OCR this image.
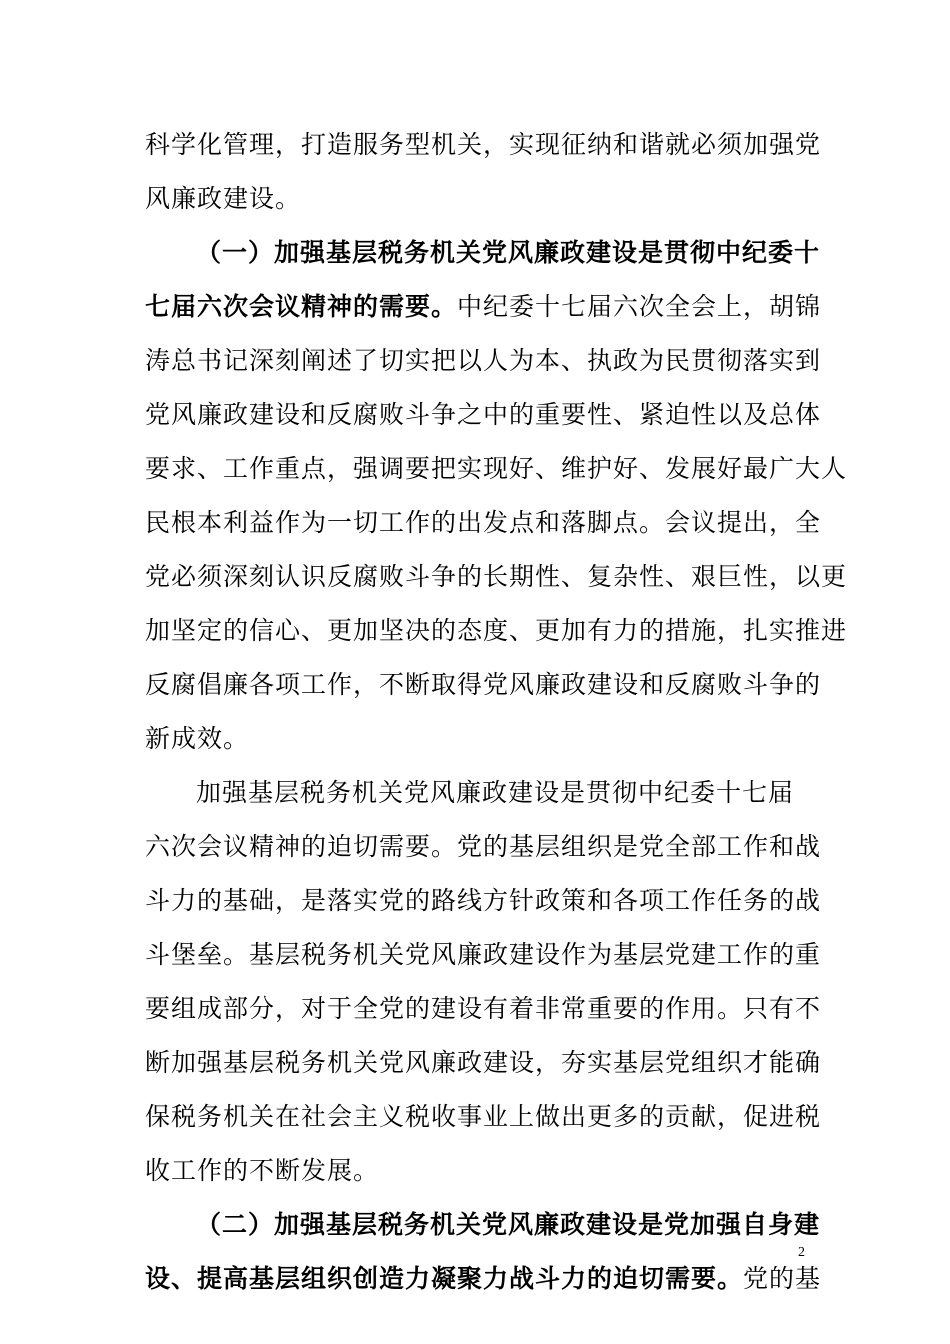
科学化管理，打造服务型机关，实现征纳和谐就必须加强党
风廉政建设。
（一）加强基层税务机关党风廉政建设是贯彻中纪委十
七届六次会议精神的需要。中纪委十七届六次全会上，胡锦
涛总书记深刻阐述了切实把以人为本、执政为民贯彻落实到
党风廉政建设和反腐败斗争之中的重要性、紧迫性以及总体
要求、工作重点，强调要把实现好、维护好、发展好最广大人
民根本利益作为一切工作的出发点和落脚点。会议提出，全
党必须深刻认识反腐败斗争的长期性、复杂性、艰巨性，以更
加坚定的信心、更加坚决的态度、更加有力的措施，扎实推进
反腐倡廉各项工作，不断取得党风廉政建设和反腐败斗争的
新成效。
加强基层税务机关党风廉政建设是贯彻中纪委十七届
六次会议精神的迫切需要。党的基层组织是党全部工作和战
斗力的基础，是落实党的路线方针政策和各项工作任务的战
斗堡垒。基层税务机关党风廉政建设作为基层党建工作的重
要组成部分，对于全党的建设有着非常重要的作用。只有不
断加强基层税务机关党风廉政建设，夯实基层党组织才能确
保税务机关在社会主义税收事业上做出更多的贡献，促进税
收工作的不断发展。
（二）加强基层税务机关党风廉政建设是党加强自身建
设、提高基层组织创造力凝聚力战斗力的迫切需要。党的基
2
